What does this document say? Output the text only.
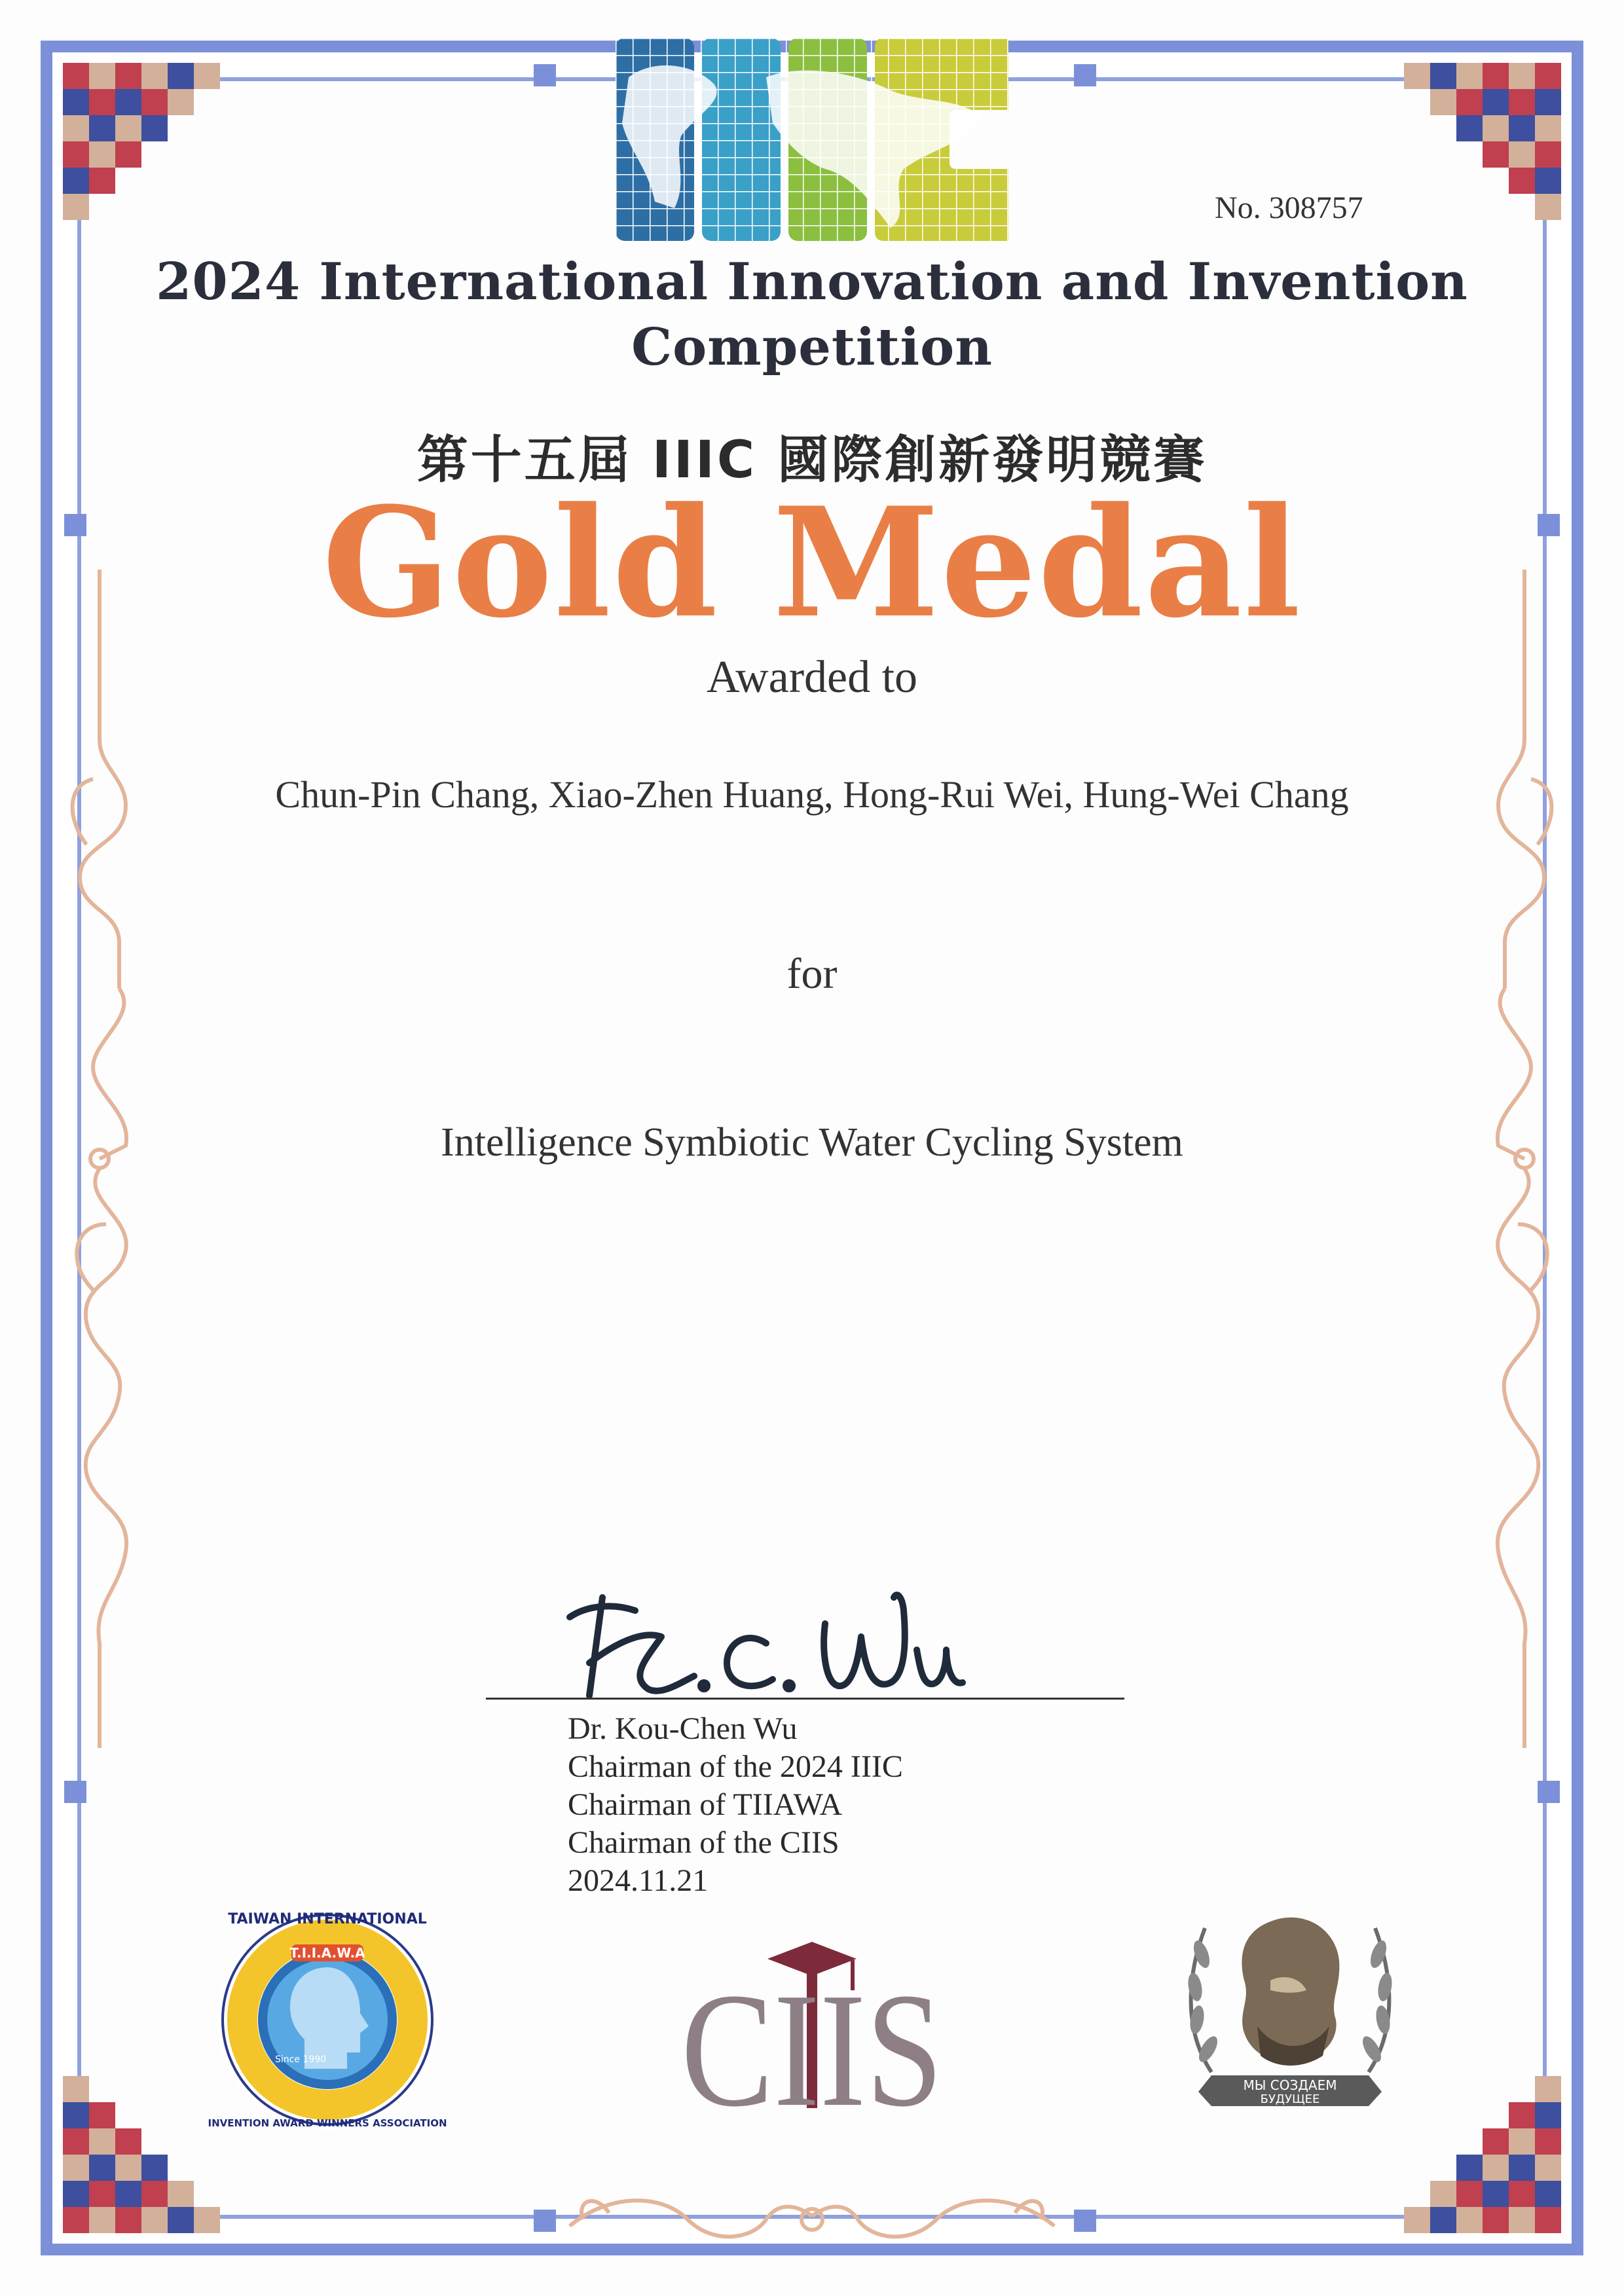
No. 308757
2024 International Innovation and Invention
Competition
第十五屆 IIIC 國際創新發明競賽
Gold Medal
Awarded to
Chun-Pin Chang, Xiao-Zhen Huang, Hong-Rui Wei, Hung-Wei Chang
for
Intelligence Symbiotic Water Cycling System
Dr. Kou-Chen Wu
Chairman of the 2024 IIIC
Chairman of TIIAWA
Chairman of the CIIS
2024.11.21
T.I.I.A.W.A
TAIWAN INTERNATIONAL
INVENTION AWARD WINNERS ASSOCIATION
Since 1990 CIIS	МЫ СОЗДАЕМ
БУДУЩЕЕ
